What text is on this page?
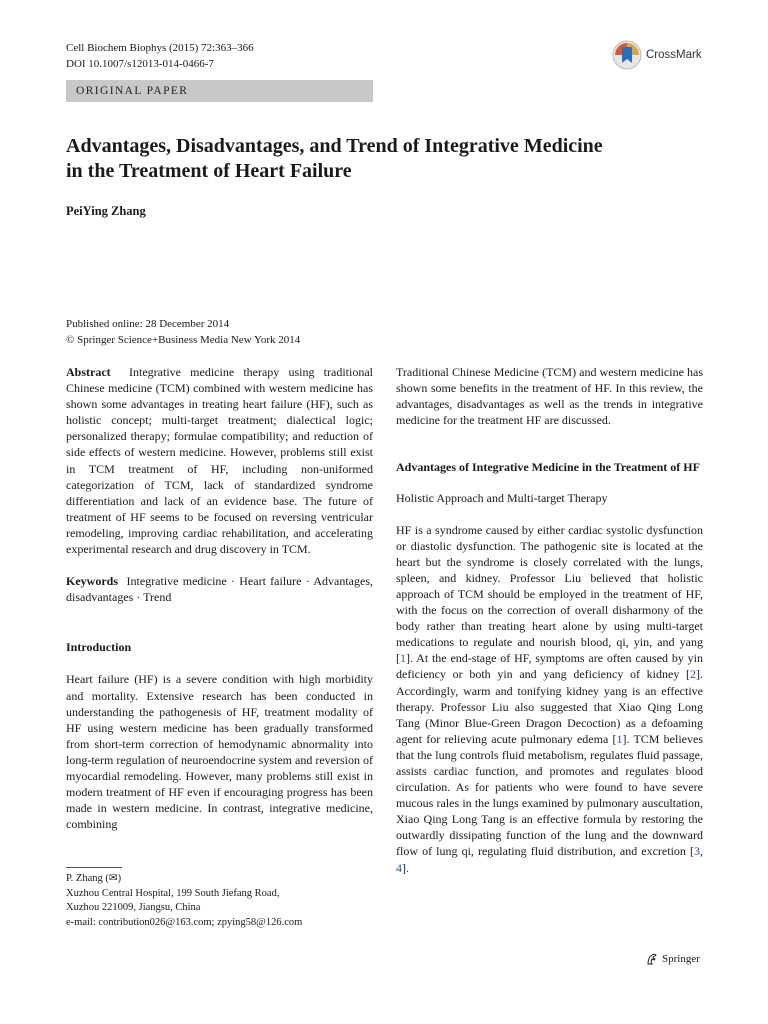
Cell Biochem Biophys (2015) 72:363–366
DOI 10.1007/s12013-014-0466-7
CrossMark
ORIGINAL PAPER
Advantages, Disadvantages, and Trend of Integrative Medicine
in the Treatment of Heart Failure
PeiYing Zhang
Published online: 28 December 2014
© Springer Science+Business Media New York 2014

Abstract Integrative medicine therapy using traditional Chinese medicine (TCM) combined with western medicine has shown some advantages in treating heart failure (HF), such as holistic concept; multi-target treatment; dialectical logic; personalized therapy; formulae compatibility; and reduction of side effects of western medicine. However, problems still exist in TCM treatment of HF, including non-uniformed categorization of TCM, lack of standardized syndrome differentiation and lack of an evidence base. The future of treatment of HF seems to be focused on reversing ventricular remodeling, improving cardiac rehabilitation, and accelerating experimental research and drug discovery in TCM.

Keywords Integrative medicine · Heart failure · Advantages, disadvantages · Trend

Introduction

Heart failure (HF) is a severe condition with high morbidity and mortality. Extensive research has been conducted in understanding the pathogenesis of HF, treatment modality of HF using western medicine has been gradually transformed from short-term correction of hemodynamic abnormality into long-term regulation of neuroendocrine system and reversion of myocardial remodeling. However, many problems still exist in modern treatment of HF even if encouraging progress has been made in western medicine. In contrast, integrative medicine, combining

Traditional Chinese Medicine (TCM) and western medicine has shown some benefits in the treatment of HF. In this review, the advantages, disadvantages as well as the trends in integrative medicine for the treatment HF are discussed.

Advantages of Integrative Medicine in the Treatment of HF

Holistic Approach and Multi-target Therapy

HF is a syndrome caused by either cardiac systolic dysfunction or diastolic dysfunction. The pathogenic site is located at the heart but the syndrome is closely correlated with the lungs, spleen, and kidney. Professor Liu believed that holistic approach of TCM should be employed in the treatment of HF, with the focus on the correction of overall disharmony of the body rather than treating heart alone by using multi-target medications to regulate and nourish blood, qi, yin, and yang [1]. At the end-stage of HF, symptoms are often caused by yin deficiency or both yin and yang deficiency of kidney [2]. Accordingly, warm and tonifying kidney yang is an effective therapy. Professor Liu also suggested that Xiao Qing Long Tang (Minor Blue-Green Dragon Decoction) as a defoaming agent for relieving acute pulmonary edema [1]. TCM believes that the lung controls fluid metabolism, regulates fluid passage, assists cardiac function, and promotes and regulates blood circulation. As for patients who were found to have severe mucous rales in the lungs examined by pulmonary auscultation, Xiao Qing Long Tang is an effective formula by restoring the outwardly dissipating function of the lung and the downward flow of lung qi, regulating fluid distribution, and excretion [3, 4].

P. Zhang (✉)
Xuzhou Central Hospital, 199 South Jiefang Road,
Xuzhou 221009, Jiangsu, China
e-mail: contribution026@163.com; zpying58@126.com
Springer
